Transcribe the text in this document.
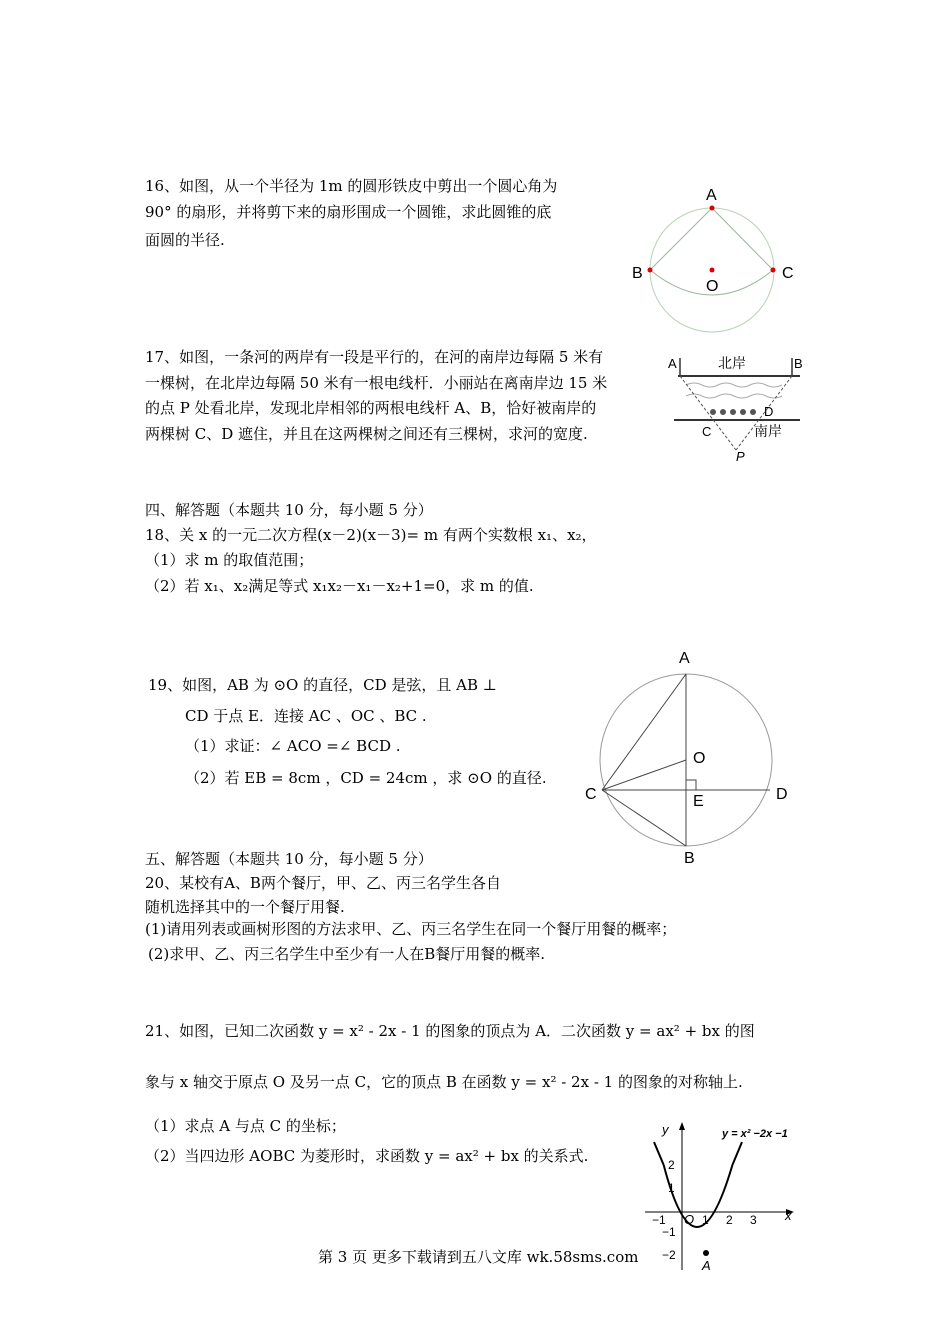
16、如图，从一个半径为 1m 的圆形铁皮中剪出一个圆心角为
90° 的扇形，并将剪下来的扇形围成一个圆锥，求此圆锥的底
面圆的半径.
A
B	C
O
17、如图，一条河的两岸有一段是平行的，在河的南岸边每隔 5 米有
一棵树，在北岸边每隔 50 米有一根电线杆．小丽站在离南岸边 15 米
的点 P 处看北岸，发现北岸相邻的两根电线杆 A、B，恰好被南岸的
两棵树 C、D 遮住，并且在这两棵树之间还有三棵树，求河的宽度.
A	B
北岸
南岸
C
D
P
四、解答题（本题共 10 分，每小题 5 分）
18、关 x 的一元二次方程(x－2)(x－3)= m 有两个实数根 x₁、x₂，
（1）求 m 的取值范围；
（2）若 x₁、x₂满足等式 x₁x₂－x₁－x₂+1=0，求 m 的值.
19、如图，AB 为 ⊙O 的直径，CD 是弦，且 AB ⊥
CD 于点 E．连接 AC 、OC 、BC .
（1）求证：∠ ACO =∠ BCD .
（2）若 EB = 8cm ，CD = 24cm ，求 ⊙O 的直径.
A
B
C	D
O
E
五、解答题（本题共 10 分，每小题 5 分）
20、某校有A、B两个餐厅，甲、乙、丙三名学生各自
随机选择其中的一个餐厅用餐.
(1)请用列表或画树形图的方法求甲、乙、丙三名学生在同一个餐厅用餐的概率；
(2)求甲、乙、丙三名学生中至少有一人在B餐厅用餐的概率.
21、如图，已知二次函数 y = x² - 2x - 1 的图象的顶点为 A．二次函数 y = ax² + bx 的图
象与 x 轴交于原点 O 及另一点 C，它的顶点 B 在函数 y = x² - 2x - 1 的图象的对称轴上.
（1）求点 A 与点 C 的坐标；
（2）当四边形 AOBC 为菱形时，求函数 y = ax² + bx 的关系式.
x
y	y = x² −2x −1
−1	1 2 3
2
1
−1
−2
O
A
第 3 页 更多下载请到五八文库 wk.58sms.com
